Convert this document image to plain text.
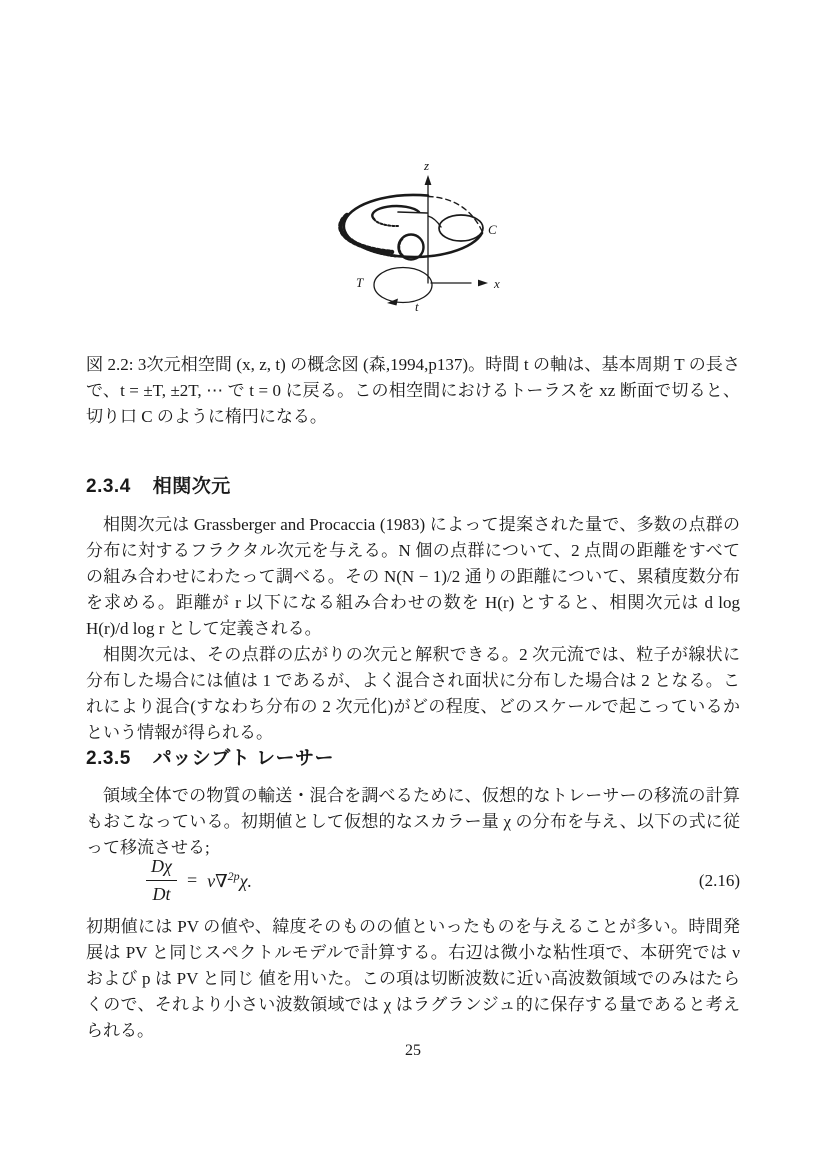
z
x
C
T
t

図 2.2: 3次元相空間 (x, z, t) の概念図 (森,1994,p137)。時間 t の軸は、基本周期 T の長さで、t = ±T, ±2T, ⋯ で t = 0 に戻る。この相空間におけるトーラスを xz 断面で切ると、切り口 C のように楕円になる。

2.3.4 相関次元

相関次元は Grassberger and Procaccia (1983) によって提案された量で、多数の点群の分布に対するフラクタル次元を与える。N 個の点群について、2 点間の距離をすべての組み合わせにわたって調べる。その N(N − 1)/2 通りの距離について、累積度数分布を求める。距離が r 以下になる組み合わせの数を H(r) とすると、相関次元は d log H(r)/d log r として定義される。

相関次元は、その点群の広がりの次元と解釈できる。2 次元流では、粒子が線状に分布した場合には値は 1 であるが、よく混合され面状に分布した場合は 2 となる。これにより混合(すなわち分布の 2 次元化)がどの程度、どのスケールで起こっているかという情報が得られる。

2.3.5 パッシブト レーサー

領域全体での物質の輸送・混合を調べるために、仮想的なトレーサーの移流の計算もおこなっている。初期値として仮想的なスカラー量 χ の分布を与え、以下の式に従って移流させる;

$\frac{D\chi}{Dt} = \nu\nabla^{2p}\chi$.	(2.16)

初期値には PV の値や、緯度そのものの値といったものを与えることが多い。時間発展は PV と同じスペクトルモデルで計算する。右辺は微小な粘性項で、本研究では ν および p は PV と同じ 値を用いた。この項は切断波数に近い高波数領域でのみはたらくので、それより小さい波数領域では χ はラグランジュ的に保存する量であると考えられる。

25
